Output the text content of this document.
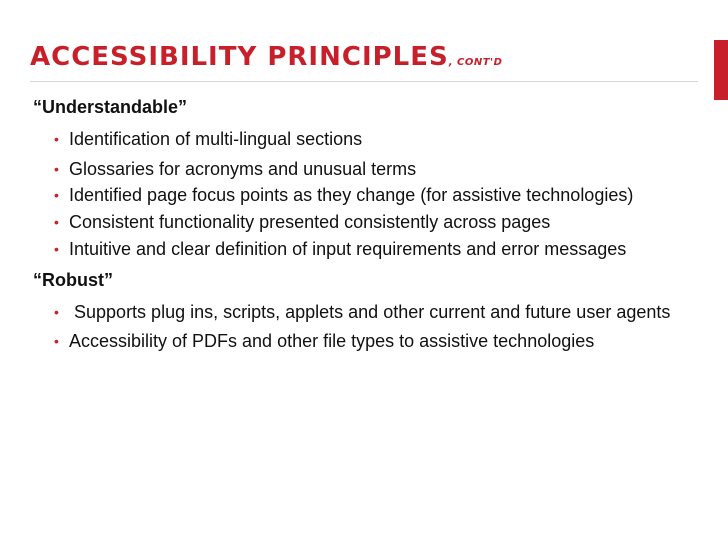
ACCESSIBILITY PRINCIPLES, CONT'D

“Understandable”

• Identification of multi-lingual sections
• Glossaries for acronyms and unusual terms
• Identified page focus points as they change (for assistive technologies)
• Consistent functionality presented consistently across pages
• Intuitive and clear definition of input requirements and error messages

“Robust”

• Supports plug ins, scripts, applets and other current and future user agents
• Accessibility of PDFs and other file types to assistive technologies
